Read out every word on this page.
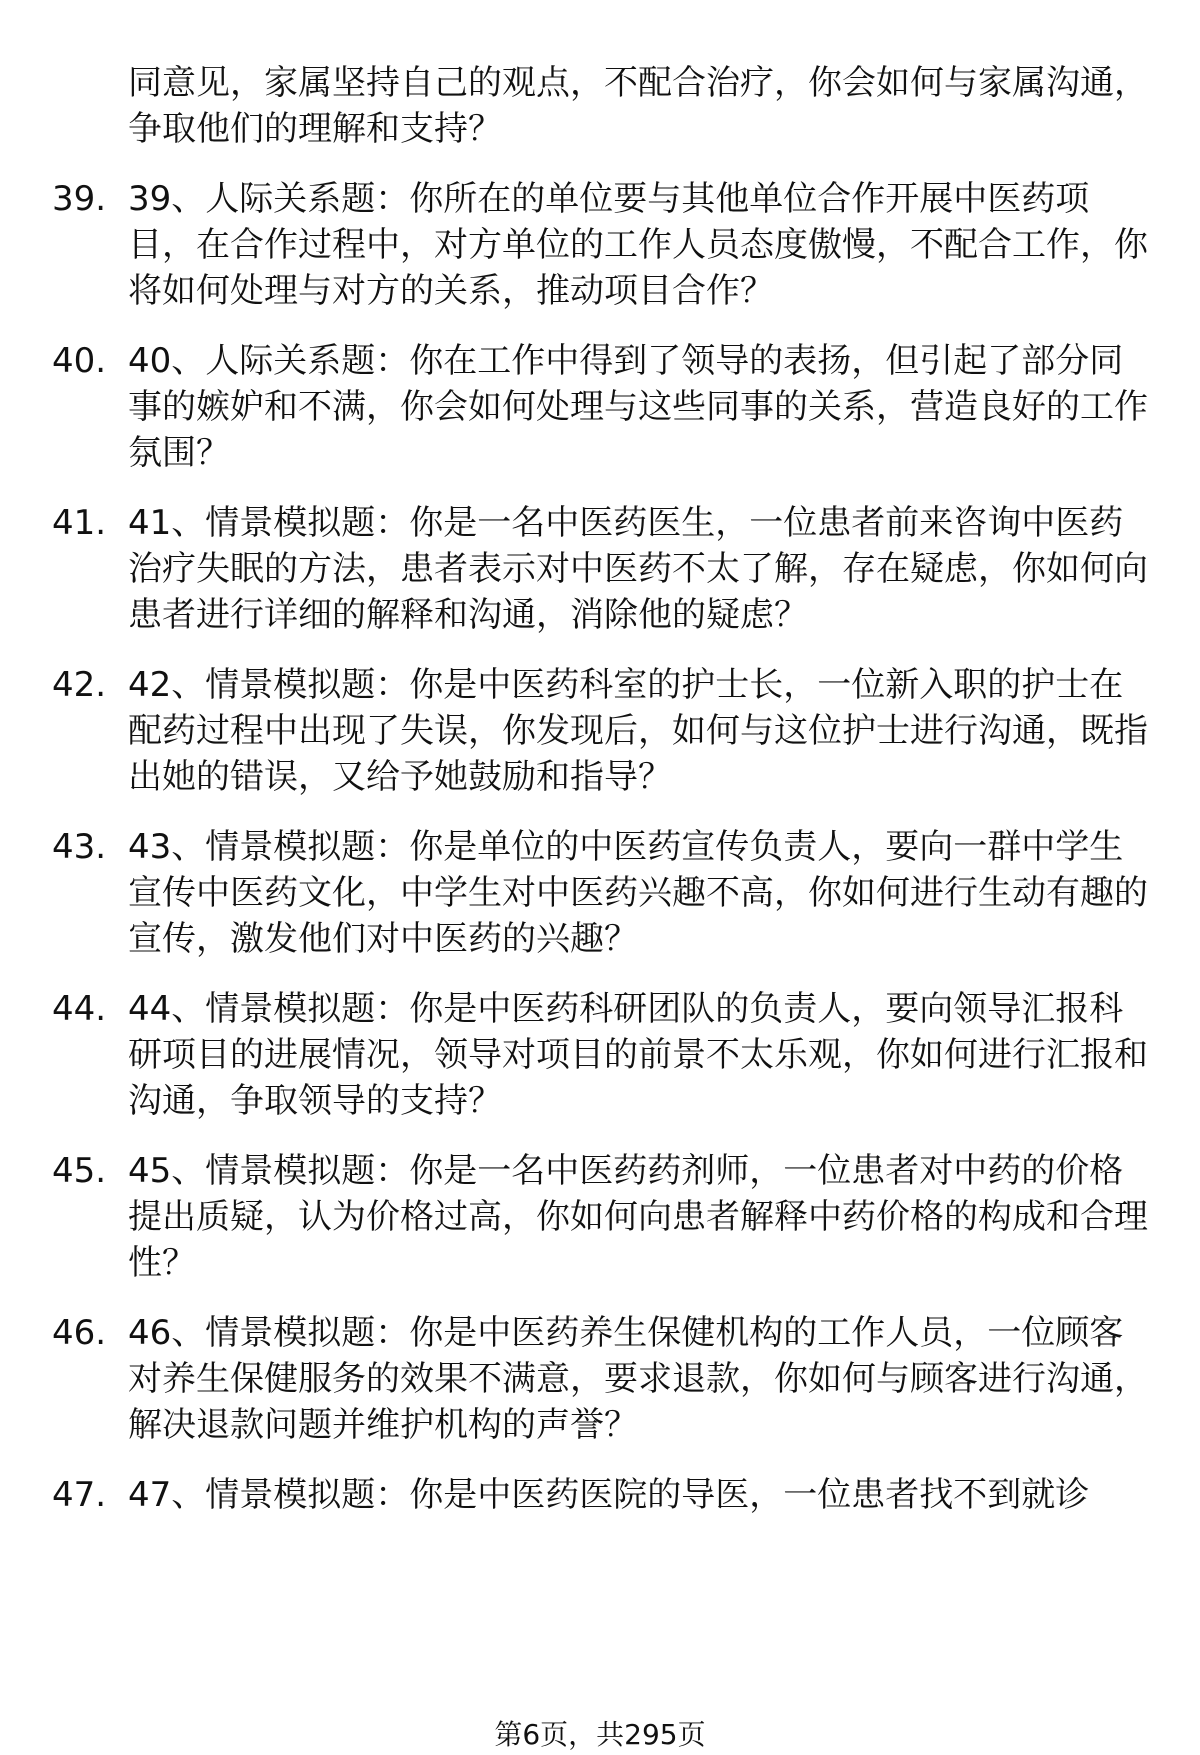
同意见，家属坚持自己的观点，不配合治疗，你会如何与家属沟通，争取他们的理解和支持？
39. 39、人际关系题：你所在的单位要与其他单位合作开展中医药项目，在合作过程中，对方单位的工作人员态度傲慢，不配合工作，你将如何处理与对方的关系，推动项目合作？
40. 40、人际关系题：你在工作中得到了领导的表扬，但引起了部分同事的嫉妒和不满，你会如何处理与这些同事的关系，营造良好的工作氛围？
41. 41、情景模拟题：你是一名中医药医生，一位患者前来咨询中医药治疗失眠的方法，患者表示对中医药不太了解，存在疑虑，你如何向患者进行详细的解释和沟通，消除他的疑虑？
42. 42、情景模拟题：你是中医药科室的护士长，一位新入职的护士在配药过程中出现了失误，你发现后，如何与这位护士进行沟通，既指出她的错误，又给予她鼓励和指导？
43. 43、情景模拟题：你是单位的中医药宣传负责人，要向一群中学生宣传中医药文化，中学生对中医药兴趣不高，你如何进行生动有趣的宣传，激发他们对中医药的兴趣？
44. 44、情景模拟题：你是中医药科研团队的负责人，要向领导汇报科研项目的进展情况，领导对项目的前景不太乐观，你如何进行汇报和沟通，争取领导的支持？
45. 45、情景模拟题：你是一名中医药药剂师，一位患者对中药的价格提出质疑，认为价格过高，你如何向患者解释中药价格的构成和合理性？
46. 46、情景模拟题：你是中医药养生保健机构的工作人员，一位顾客对养生保健服务的效果不满意，要求退款，你如何与顾客进行沟通，解决退款问题并维护机构的声誉？
47. 47、情景模拟题：你是中医药医院的导医，一位患者找不到就诊
第6页，共295页
